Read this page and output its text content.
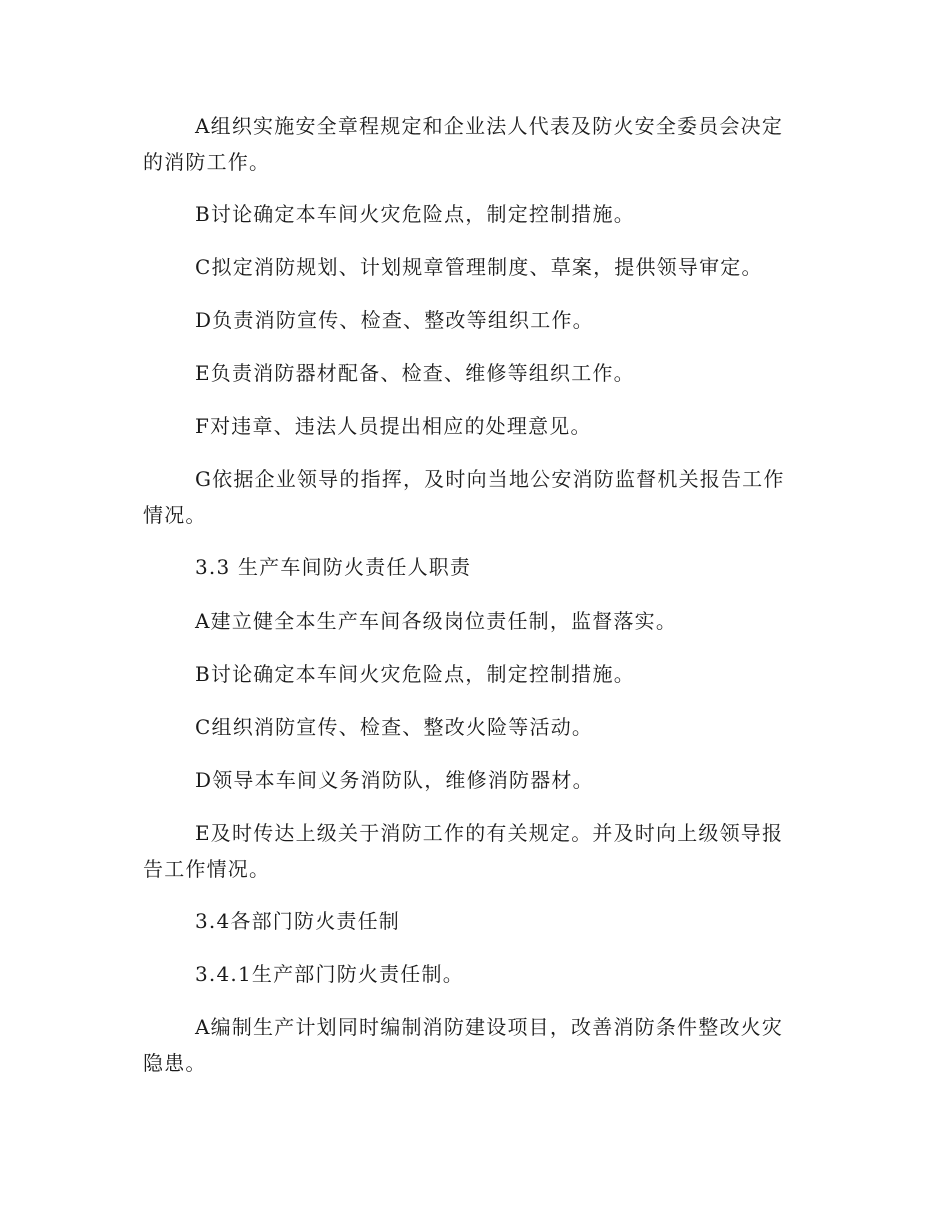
A组织实施安全章程规定和企业法人代表及防火安全委员会决定的消防工作。

B讨论确定本车间火灾危险点，制定控制措施。

C拟定消防规划、计划规章管理制度、草案，提供领导审定。

D负责消防宣传、检查、整改等组织工作。

E负责消防器材配备、检查、维修等组织工作。

F对违章、违法人员提出相应的处理意见。

G依据企业领导的指挥，及时向当地公安消防监督机关报告工作情况。

3.3 生产车间防火责任人职责

A建立健全本生产车间各级岗位责任制，监督落实。

B讨论确定本车间火灾危险点，制定控制措施。

C组织消防宣传、检查、整改火险等活动。

D领导本车间义务消防队，维修消防器材。

E及时传达上级关于消防工作的有关规定。并及时向上级领导报告工作情况。

3.4各部门防火责任制

3.4.1生产部门防火责任制。

A编制生产计划同时编制消防建设项目，改善消防条件整改火灾隐患。
